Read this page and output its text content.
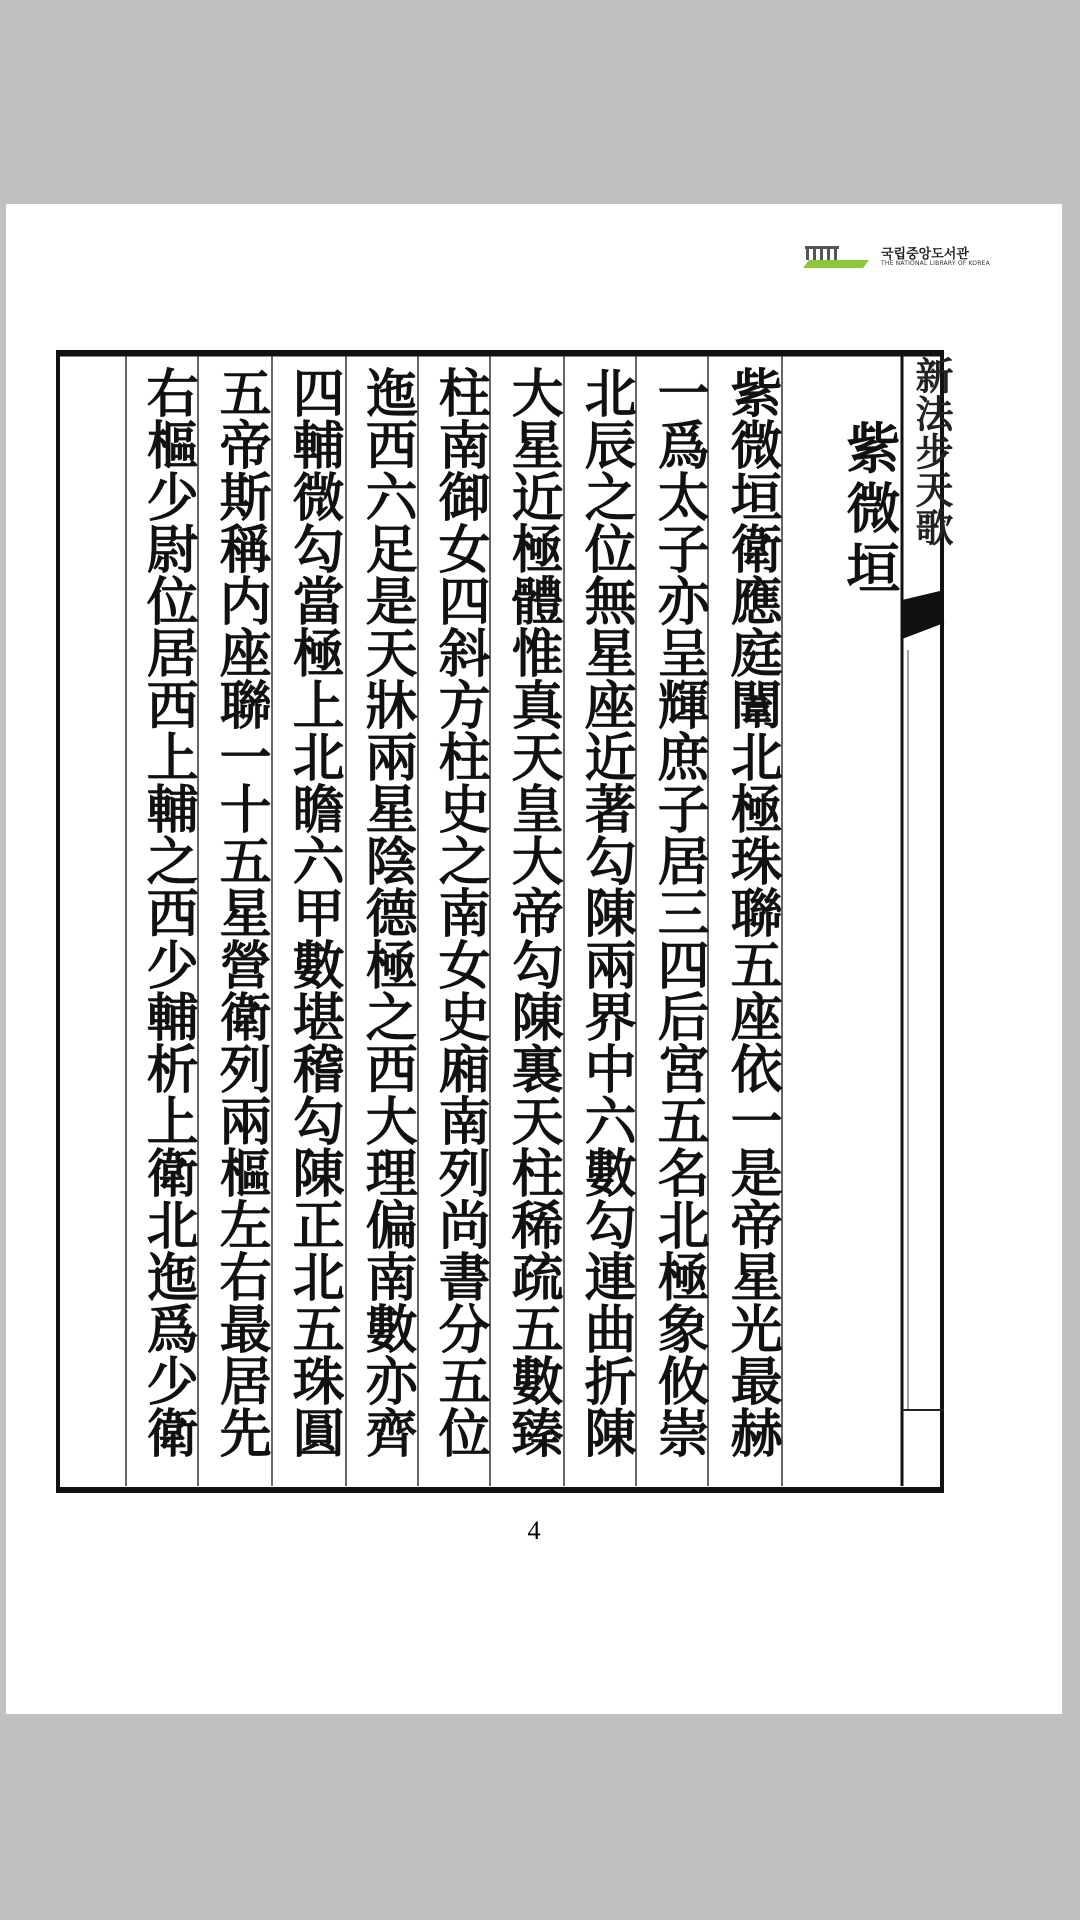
국립중앙도서관
THE NATIONAL LIBRARY OF KOREA
新法步天歌
紫微垣
紫微垣衛應庭闈北極珠聯五座依一是帝星光最赫
一爲太子亦呈輝庶子居三四后宮五名北極象攸崇
北辰之位無星座近著勾陳兩界中六數勾連曲折陳
大星近極體惟真天皇大帝勾陳裏天柱稀疏五數臻
柱南御女四斜方柱史之南女史廂南列尚書分五位
迤西六足是天牀兩星陰德極之西大理偏南數亦齊
四輔微勾當極上北瞻六甲數堪稽勾陳正北五珠圓
五帝斯稱内座聯一十五星營衛列兩樞左右最居先
右樞少尉位居西上輔之西少輔析上衛北迤爲少衛
4
